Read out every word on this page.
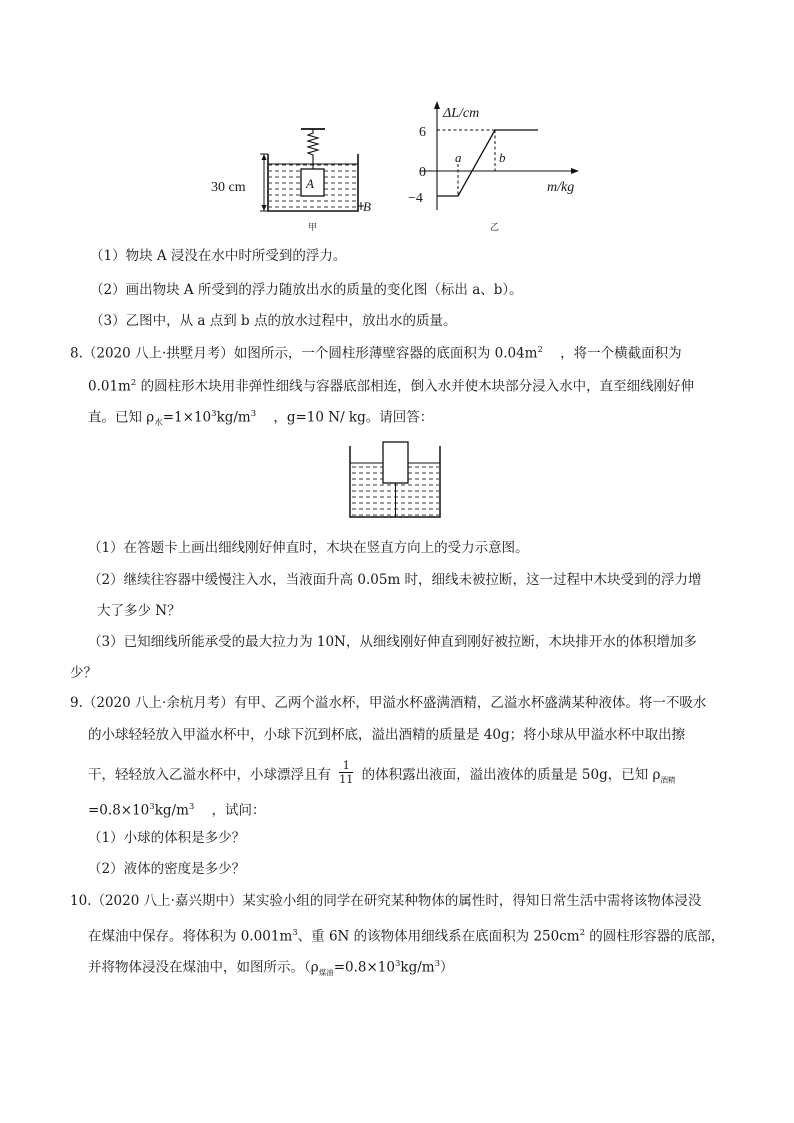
A
30 cm
B
甲
ΔL/cm
m/kg
6
0
−4
a	b
乙
（1）物块 A 浸没在水中时所受到的浮力。
（2）画出物块 A 所受到的浮力随放出水的质量的变化图（标出 a、b）。
（3）乙图中，从 a 点到 b 点的放水过程中，放出水的质量。
8.（2020 八上·拱墅月考）如图所示，一个圆柱形薄壁容器的底面积为 $0.04m^2$ ，将一个横截面积为
$0.01m^2$ 的圆柱形木块用非弹性细线与容器底部相连，倒入水并使木块部分浸入水中，直至细线刚好伸
直。已知 $\rho_水=1\times 10^3kg/m^3$ ，g=10 N/ kg。请回答：
（1）在答题卡上画出细线刚好伸直时，木块在竖直方向上的受力示意图。
（2）继续往容器中缓慢注入水，当液面升高 0.05m 时，细线未被拉断，这一过程中木块受到的浮力增
大了多少 N？
（3）已知细线所能承受的最大拉力为 10N，从细线刚好伸直到刚好被拉断，木块排开水的体积增加多
少？
9.（2020 八上·余杭月考）有甲、乙两个溢水杯，甲溢水杯盛满酒精，乙溢水杯盛满某种液体。将一不吸水
的小球轻轻放入甲溢水杯中，小球下沉到杯底，溢出酒精的质量是 40g；将小球从甲溢水杯中取出擦
干，轻轻放入乙溢水杯中，小球漂浮且有 $\frac{1}{11}$ 的体积露出液面，溢出液体的质量是 50g，已知 $\rho_{酒精}$
$=0.8\times 10^3kg/m^3$ ，试问：
（1）小球的体积是多少？
（2）液体的密度是多少？
10.（2020 八上·嘉兴期中）某实验小组的同学在研究某种物体的属性时，得知日常生活中需将该物体浸没
在煤油中保存。将体积为 $0.001m^3$、重 6N 的该物体用细线系在底面积为 $250cm^2$ 的圆柱形容器的底部，
并将物体浸没在煤油中，如图所示。$(\rho_{煤油}=0.8\times 10^3kg/m^3)$
